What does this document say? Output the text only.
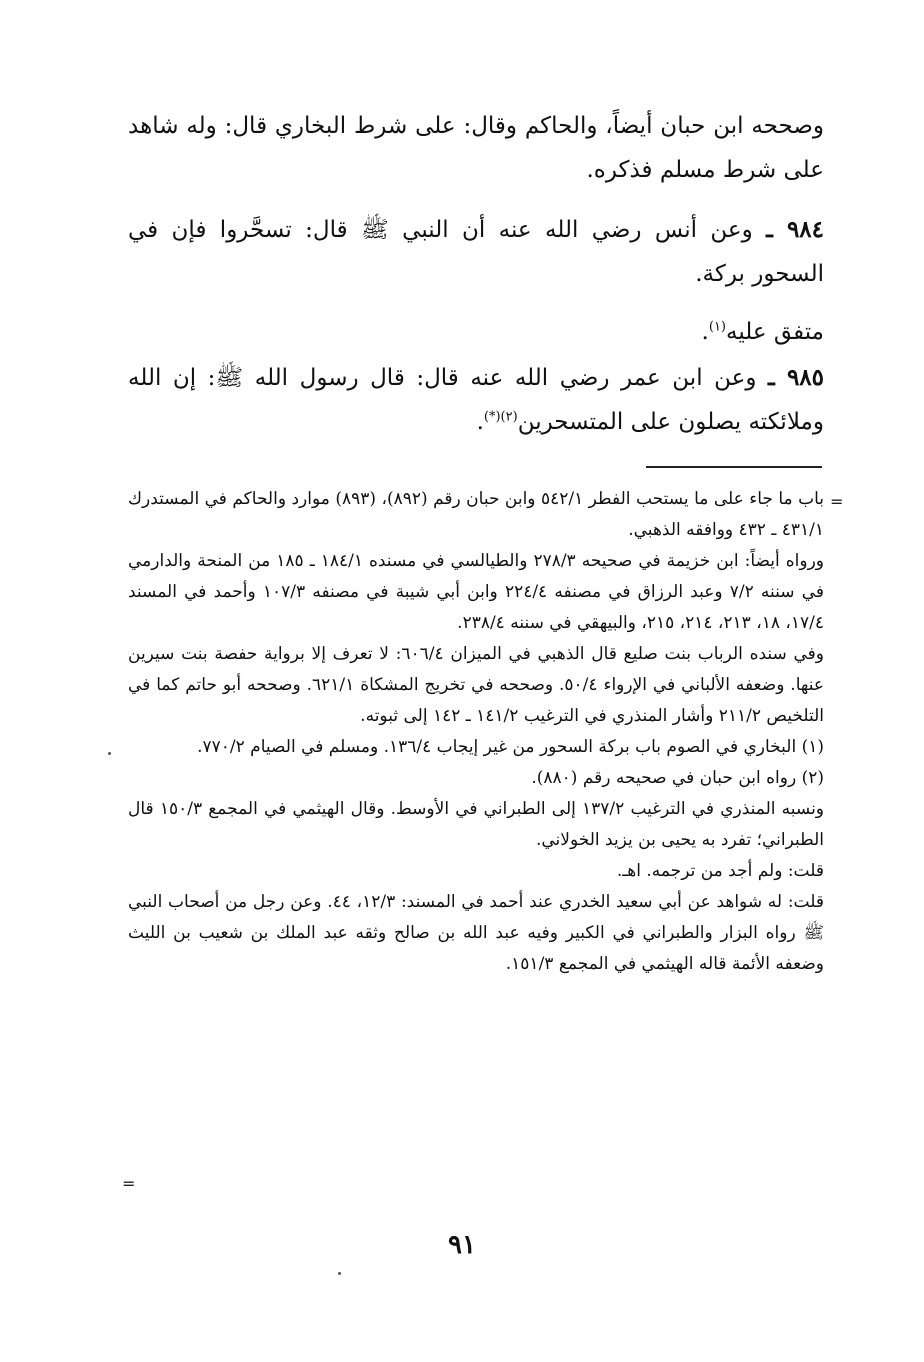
وصححه ابن حبان أيضاً، والحاكم وقال: على شرط البخاري قال: وله شاهد على شرط مسلم فذكره.

٩٨٤ ـ وعن أنس رضي الله عنه أن النبي ﷺ قال: تسحَّروا فإن في السحور بركة.

متفق عليه$^{(١)}$.

٩٨٥ ـ وعن ابن عمر رضي الله عنه قال: قال رسول الله ﷺ: إن الله وملائكته يصلون على المتسحرين$^{(٢)(*)}$.

=

باب ما جاء على ما يستحب الفطر ٥٤٢/١ وابن حبان رقم (٨٩٢)، (٨٩٣) موارد والحاكم في المستدرك ٤٣١/١ ـ ٤٣٢ ووافقه الذهبي.

ورواه أيضاً: ابن خزيمة في صحيحه ٢٧٨/٣ والطيالسي في مسنده ١٨٤/١ ـ ١٨٥ من المنحة والدارمي في سننه ٧/٢ وعبد الرزاق في مصنفه ٢٢٤/٤ وابن أبي شيبة في مصنفه ١٠٧/٣ وأحمد في المسند ١٧/٤، ١٨، ٢١٣، ٢١٤، ٢١٥، والبيهقي في سننه ٢٣٨/٤.

وفي سنده الرباب بنت صليع قال الذهبي في الميزان ٦٠٦/٤: لا تعرف إلا برواية حفصة بنت سيرين عنها. وضعفه الألباني في الإرواء ٥٠/٤. وصححه في تخريج المشكاة ٦٢١/١. وصححه أبو حاتم كما في التلخيص ٢١١/٢ وأشار المنذري في الترغيب ١٤١/٢ ـ ١٤٢ إلى ثبوته.

(١) البخاري في الصوم باب بركة السحور من غير إيجاب ١٣٦/٤. ومسلم في الصيام ٧٧٠/٢.

(٢) رواه ابن حبان في صحيحه رقم (٨٨٠).

ونسبه المنذري في الترغيب ١٣٧/٢ إلى الطبراني في الأوسط. وقال الهيثمي في المجمع ١٥٠/٣ قال الطبراني؛ تفرد به يحيى بن يزيد الخولاني.

قلت: ولم أجد من ترجمه. اهـ.

قلت: له شواهد عن أبي سعيد الخدري عند أحمد في المسند: ١٢/٣، ٤٤. وعن رجل من أصحاب النبي ﷺ رواه البزار والطبراني في الكبير وفيه عبد الله بن صالح وثقه عبد الملك بن شعيب بن الليث وضعفه الأئمة قاله الهيثمي في المجمع ١٥١/٣.

=
٩١
